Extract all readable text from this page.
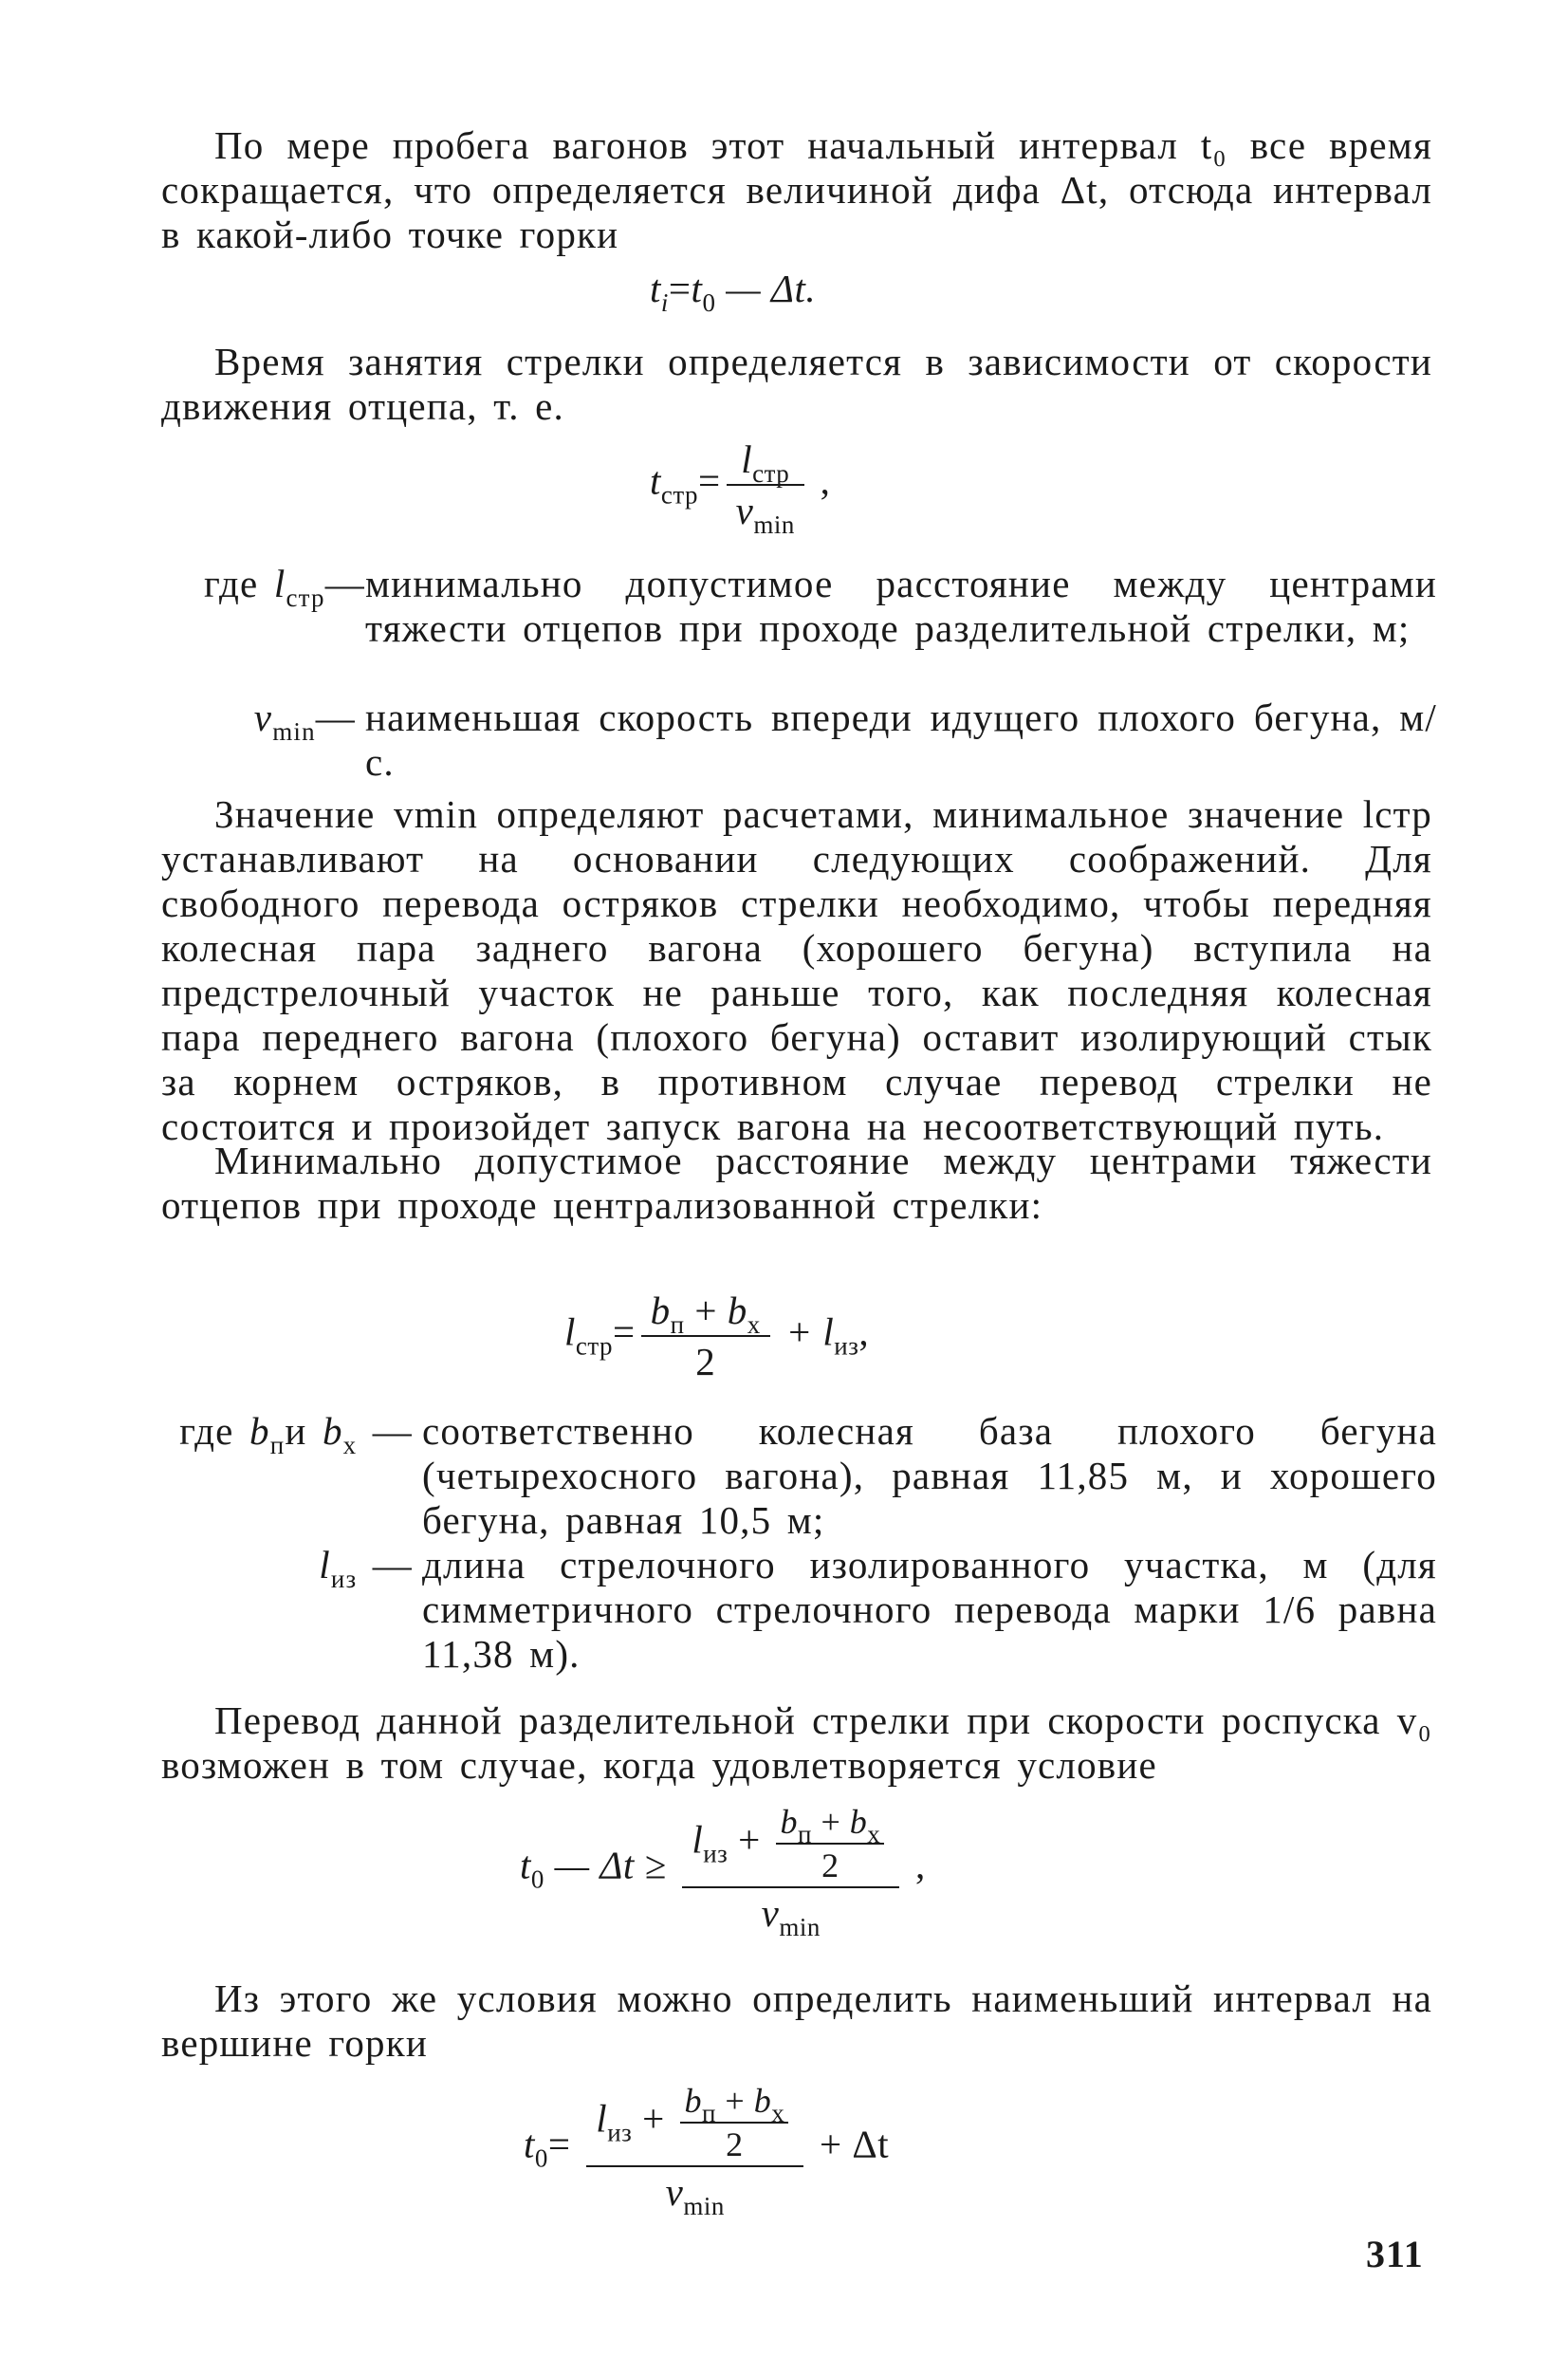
По мере пробега вагонов этот начальный интервал t₀ все время сокращается, что определяется величиной дифа Δt, отсюда интервал в какой-либо точке горки

$t_i=t_0$ — Δt.

Время занятия стрелки определяется в зависимости от скорости движения отцепа, т. е.

$t_{стр}= \frac{l_{стр}}{v_{min}}$ ,
где $l_{стр}—$ минимально допустимое расстояние между центрами тяжести отцепов при проходе разделительной стрелки, м;
$v_{min}—$ наименьшая скорость впереди идущего плохого бегуна, м/с.

Значение vmin определяют расчетами, минимальное значение lстр устанавливают на основании следующих соображений. Для свободного перевода остряков стрелки необходимо, чтобы передняя колесная пара заднего вагона (хорошего бегуна) вступила на предстрелочный участок не раньше того, как последняя колесная пара переднего вагона (плохого бегуна) оставит изолирующий стык за корнем остряков, в противном случае перевод стрелки не состоится и произойдет запуск вагона на несоответствующий путь.

Минимально допустимое расстояние между центрами тяжести отцепов при проходе централизованной стрелки:

$l_{стр}= \frac{b_п + b_х}{2} + l_{из}$,
где $b_пи$ $b_х$ — соответственно колесная база плохого бегуна (четырехосного вагона), равная 11,85 м, и хорошего бегуна, равная 10,5 м;
$l_{из}$ — длина стрелочного изолированного участка, м (для симметричного стрелочного перевода марки 1/6 равна 11,38 м).

Перевод данной разделительной стрелки при скорости роспуска v₀ возможен в том случае, когда удовлетворяется условие

$t_0$ — $\Delta t \ge \frac{l_{из} + \frac{b_п + b_х}{2}}{v_{min}}$ ,

Из этого же условия можно определить наименьший интервал на вершине горки

$t_0= \frac{l_{из} + \frac{b_п + b_х}{2}}{v_{min}} + \Delta t$
311
